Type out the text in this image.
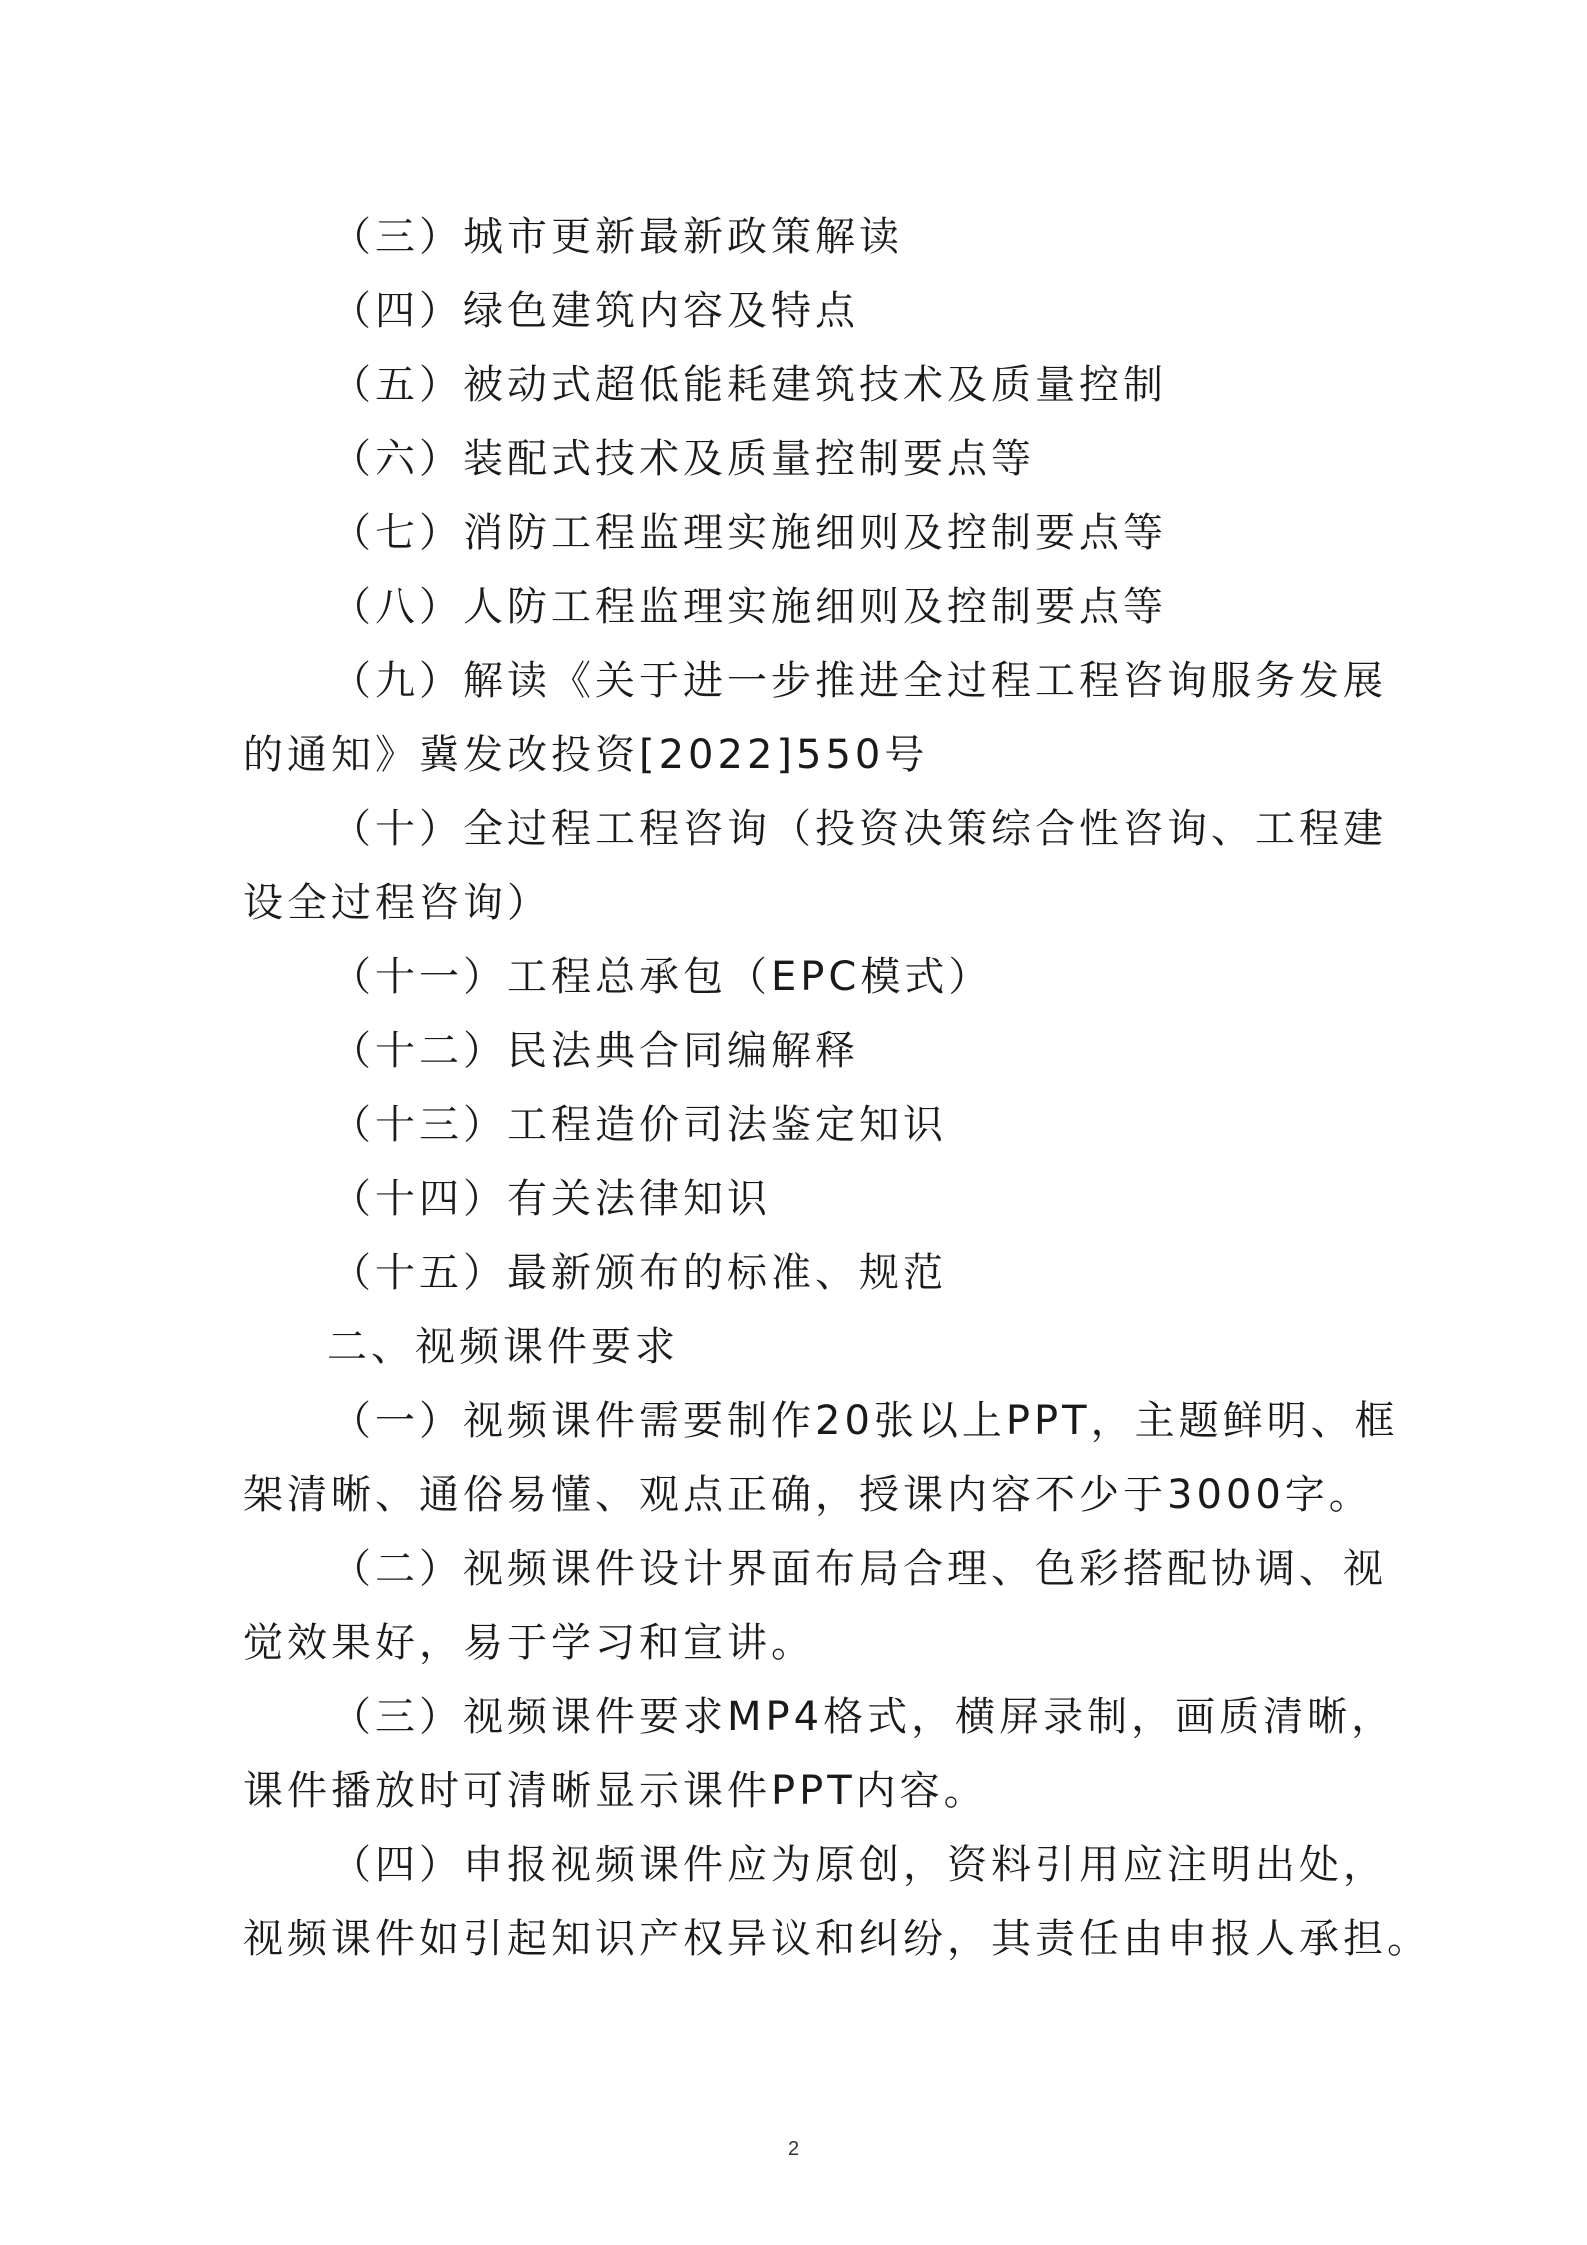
（三）城市更新最新政策解读

（四）绿色建筑内容及特点

（五）被动式超低能耗建筑技术及质量控制

（六）装配式技术及质量控制要点等

（七）消防工程监理实施细则及控制要点等

（八）人防工程监理实施细则及控制要点等

（九）解读《关于进一步推进全过程工程咨询服务发展

的通知》冀发改投资[2022]550号

（十）全过程工程咨询（投资决策综合性咨询、工程建

设全过程咨询）

（十一）工程总承包（EPC模式）

（十二）民法典合同编解释

（十三）工程造价司法鉴定知识

（十四）有关法律知识

（十五）最新颁布的标准、规范

二、视频课件要求

（一）视频课件需要制作20张以上PPT，主题鲜明、框

架清晰、通俗易懂、观点正确，授课内容不少于3000字。

（二）视频课件设计界面布局合理、色彩搭配协调、视

觉效果好，易于学习和宣讲。

（三）视频课件要求MP4格式，横屏录制，画质清晰，

课件播放时可清晰显示课件PPT内容。

（四）申报视频课件应为原创，资料引用应注明出处，

视频课件如引起知识产权异议和纠纷，其责任由申报人承担。

2
